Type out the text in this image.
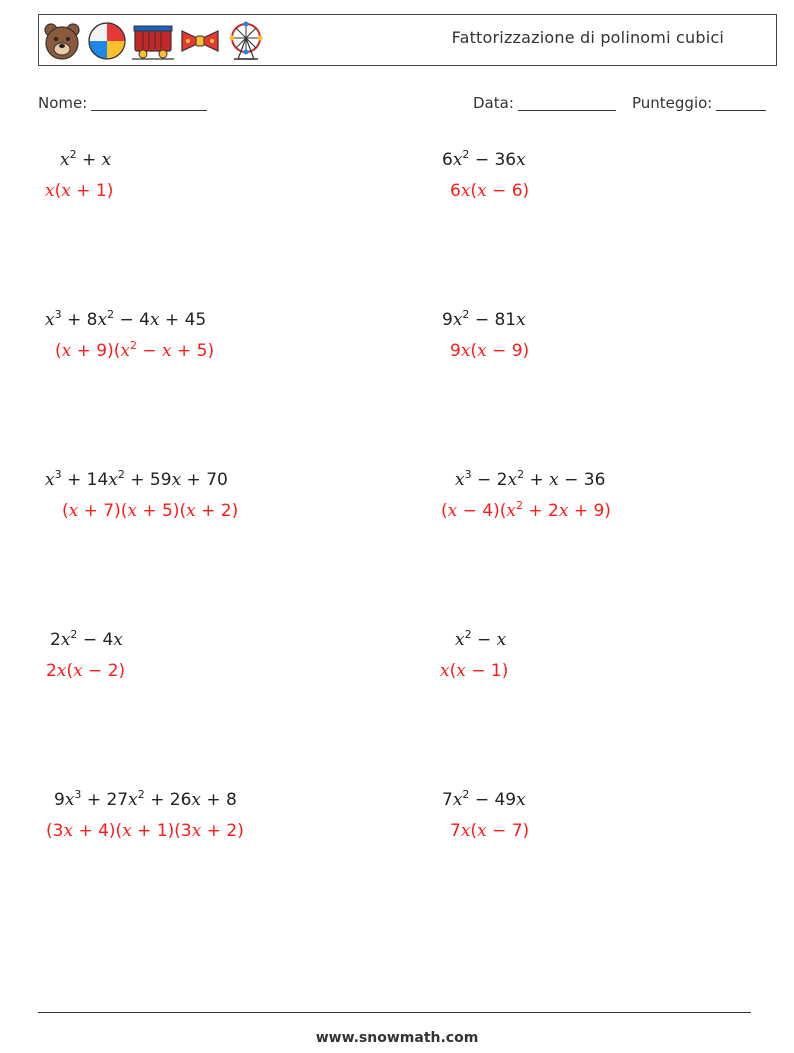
Fattorizzazione di polinomi cubici
Nome:	Data:	Punteggio:
$x^2 + x$
x(x + 1)
$6x^2 - 36x$
6x(x − 6)
$x^3 + 8x^2 - 4x + 45$
$(x + 9)(x^2 - x + 5)$
$9x^2 - 81x$
9x(x − 9)
$x^3 + 14x^2 + 59x + 70$
(x + 7)(x + 5)(x + 2)
$x^3 - 2x^2 + x - 36$
$(x - 4)(x^2 + 2x + 9)$
$2x^2 - 4x$
2x(x − 2)
$x^2 - x$
x(x − 1)
$9x^3 + 27x^2 + 26x + 8$
(3x + 4)(x + 1)(3x + 2)
$7x^2 - 49x$
7x(x − 7)
www.snowmath.com
